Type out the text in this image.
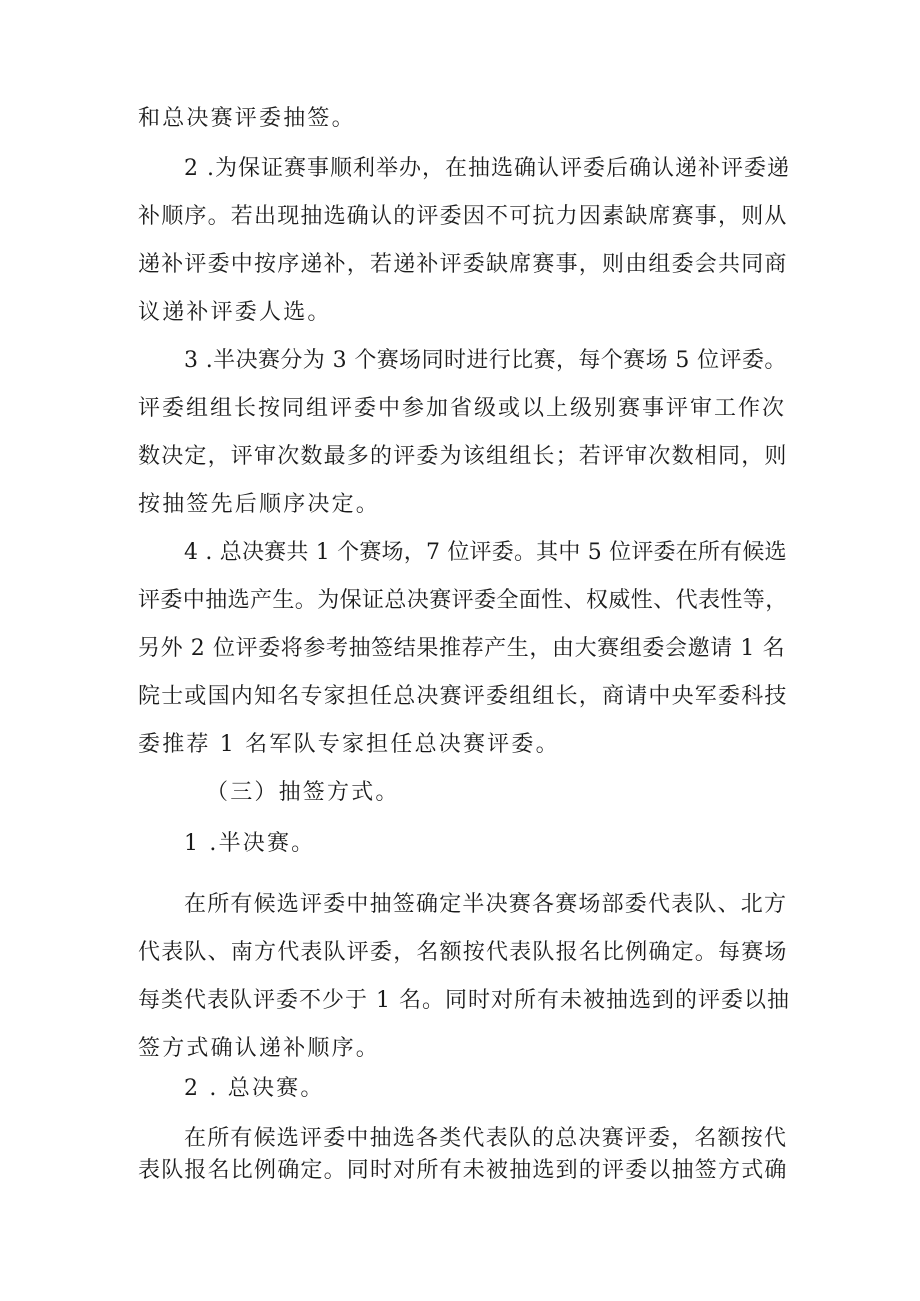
和总决赛评委抽签。
2 .为保证赛事顺利举办，在抽选确认评委后确认递补评委递
补顺序。若出现抽选确认的评委因不可抗力因素缺席赛事，则从
递补评委中按序递补，若递补评委缺席赛事，则由组委会共同商
议递补评委人选。
3 .半决赛分为 3 个赛场同时进行比赛，每个赛场 5 位评委。
评委组组长按同组评委中参加省级或以上级别赛事评审工作次
数决定，评审次数最多的评委为该组组长；若评审次数相同，则
按抽签先后顺序决定。
4 . 总决赛共 1 个赛场，7 位评委。其中 5 位评委在所有候选
评委中抽选产生。为保证总决赛评委全面性、权威性、代表性等，
另外 2 位评委将参考抽签结果推荐产生，由大赛组委会邀请 1 名
院士或国内知名专家担任总决赛评委组组长，商请中央军委科技
委推荐 1 名军队专家担任总决赛评委。
（三）抽签方式。
1 .半决赛。
在所有候选评委中抽签确定半决赛各赛场部委代表队、北方
代表队、南方代表队评委，名额按代表队报名比例确定。每赛场
每类代表队评委不少于 1 名。同时对所有未被抽选到的评委以抽
签方式确认递补顺序。
2 . 总决赛。
在所有候选评委中抽选各类代表队的总决赛评委，名额按代
表队报名比例确定。同时对所有未被抽选到的评委以抽签方式确
